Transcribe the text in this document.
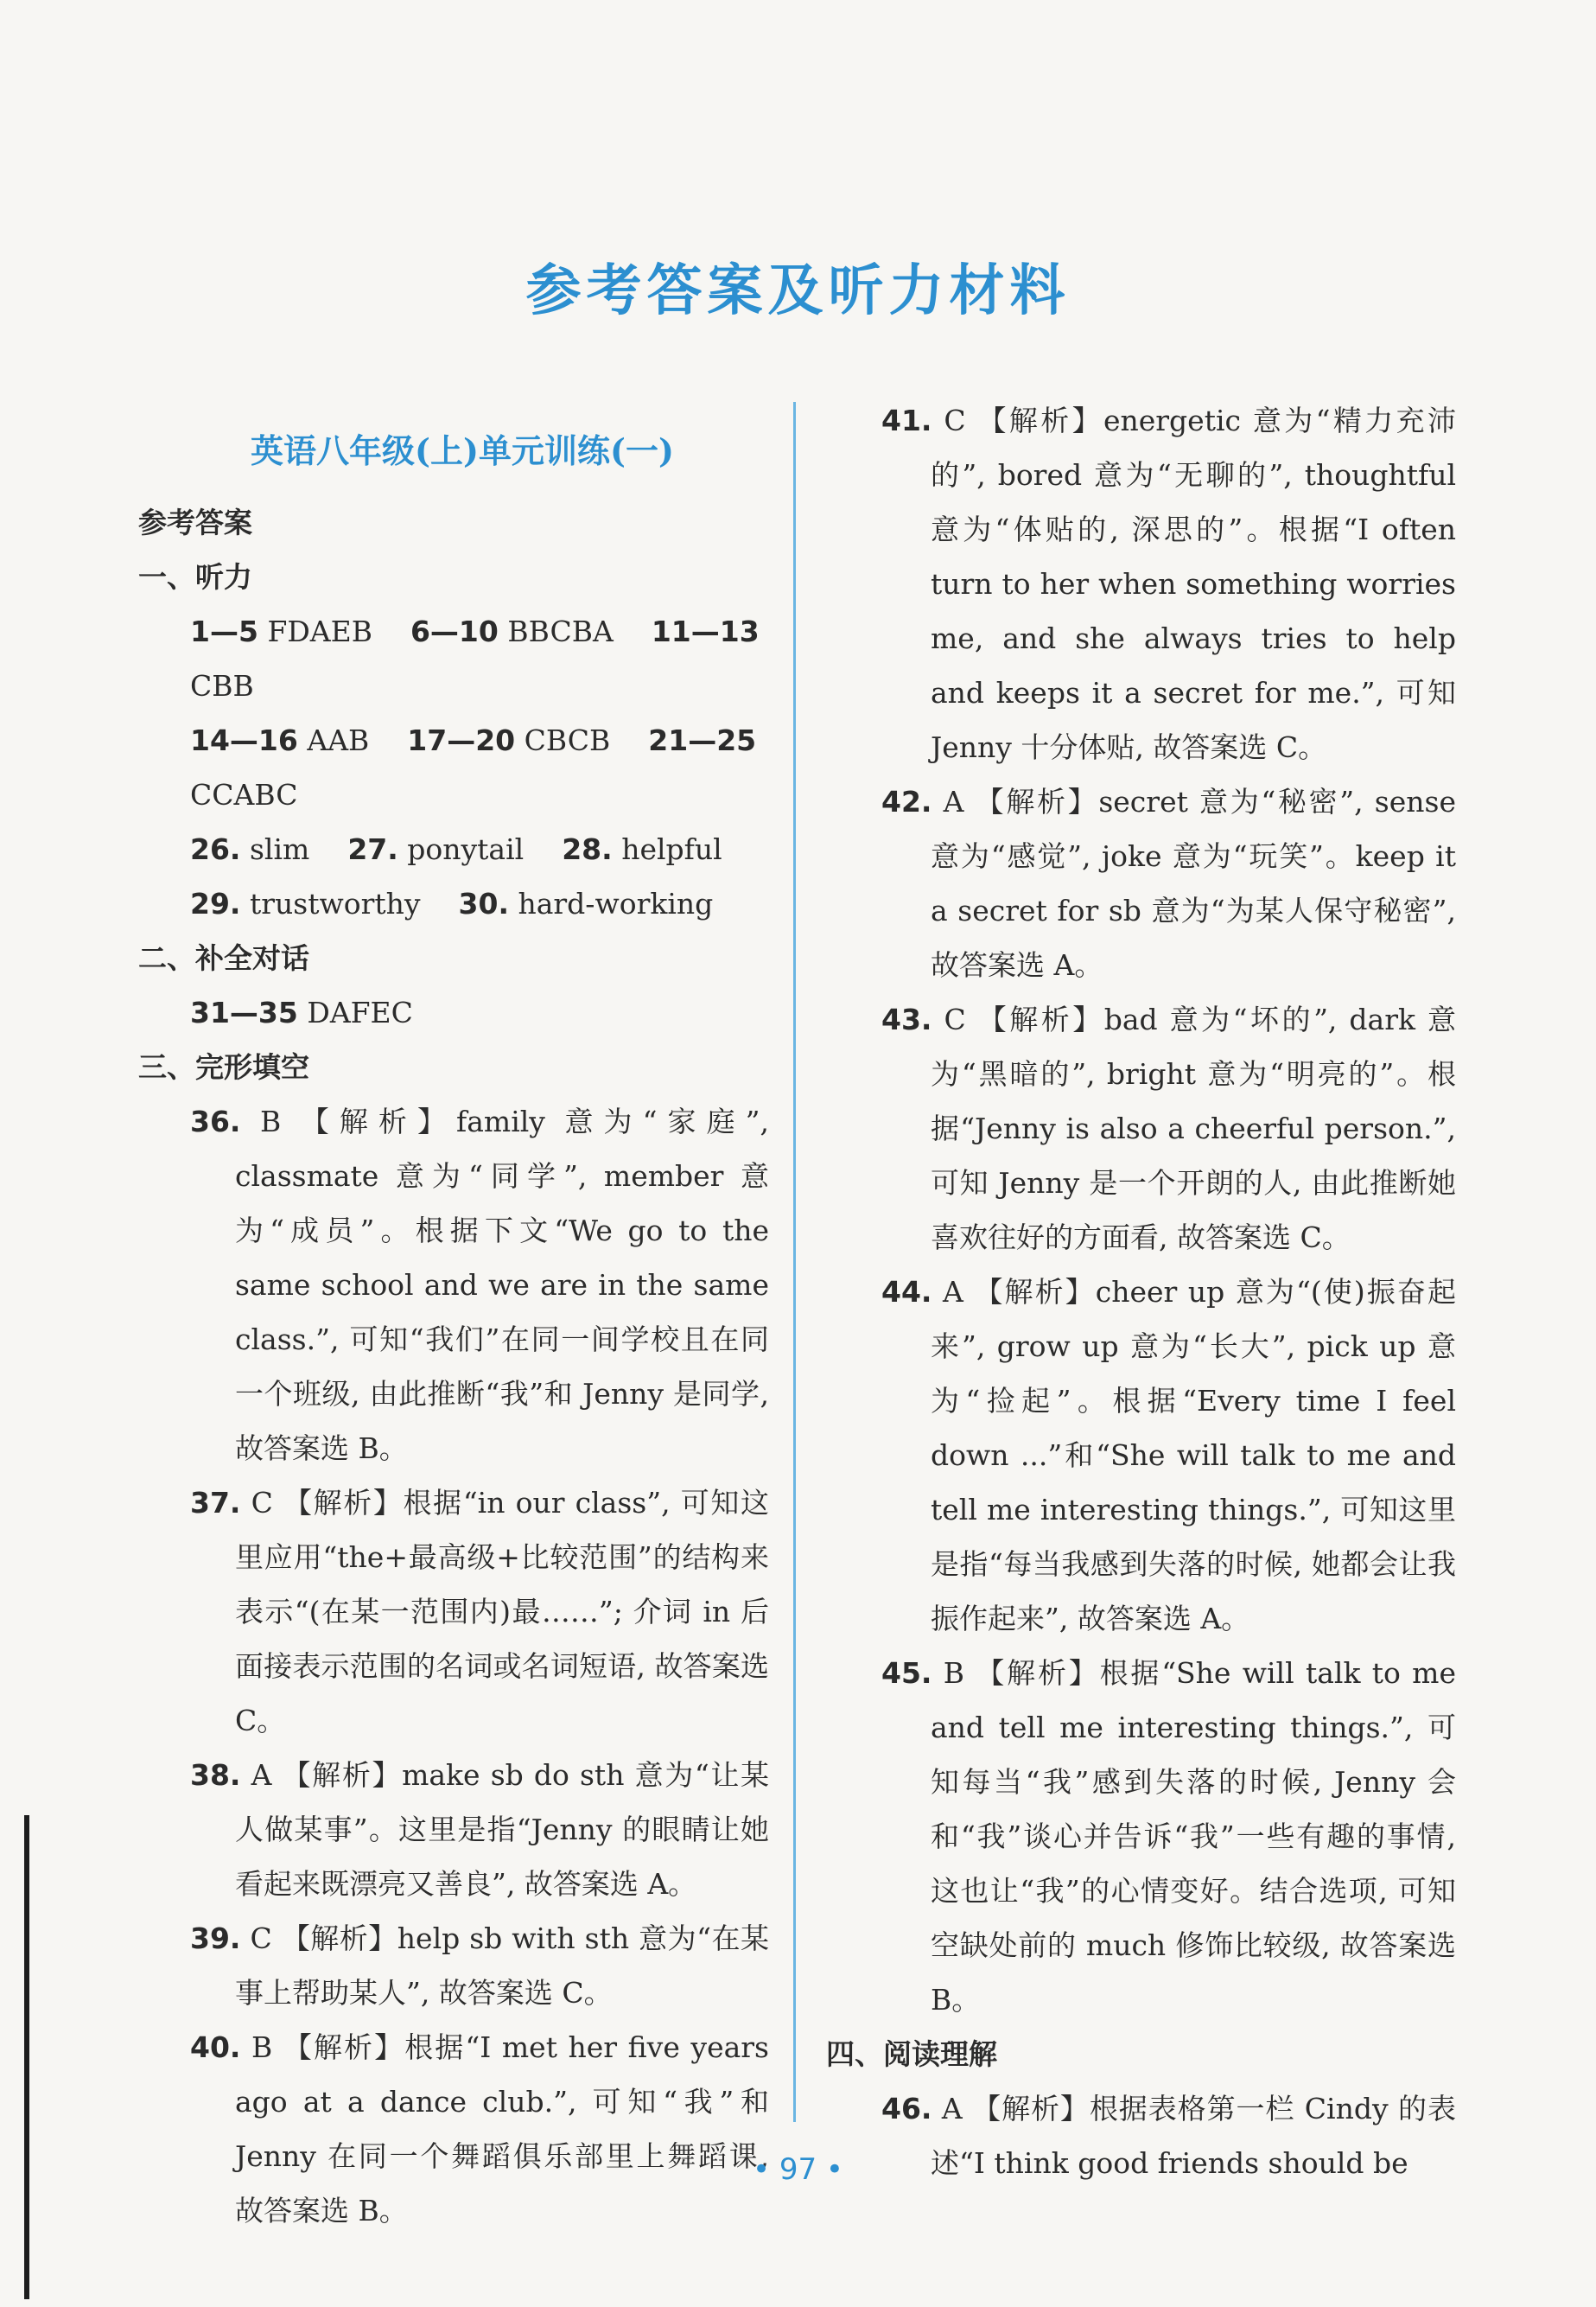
参考答案及听力材料

英语八年级(上)单元训练(一)

参考答案

一、听力

1—5 FDAEB 6—10 BBCBA 11—13 CBB

14—16 AAB 17—20 CBCB 21—25 CCABC

26. slim 27. ponytail 28. helpful

29. trustworthy 30. hard-working

二、补全对话

31—35 DAFEC

三、完形填空

36. B 【解析】family 意为“家庭”, classmate 意为“同学”, member 意为“成员”。根据下文“We go to the same school and we are in the same class.”, 可知“我们”在同一间学校且在同一个班级, 由此推断“我”和 Jenny 是同学, 故答案选 B。

37. C 【解析】根据“in our class”, 可知这里应用“the+最高级+比较范围”的结构来表示“(在某一范围内)最……”; 介词 in 后面接表示范围的名词或名词短语, 故答案选 C。

38. A 【解析】make sb do sth 意为“让某人做某事”。这里是指“Jenny 的眼睛让她看起来既漂亮又善良”, 故答案选 A。

39. C 【解析】help sb with sth 意为“在某事上帮助某人”, 故答案选 C。

40. B 【解析】根据“I met her five years ago at a dance club.”, 可知“我”和 Jenny 在同一个舞蹈俱乐部里上舞蹈课, 故答案选 B。

41. C 【解析】energetic 意为“精力充沛的”, bored 意为“无聊的”, thoughtful 意为“体贴的, 深思的”。根据“I often turn to her when something worries me, and she always tries to help and keeps it a secret for me.”, 可知 Jenny 十分体贴, 故答案选 C。

42. A 【解析】secret 意为“秘密”, sense 意为“感觉”, joke 意为“玩笑”。keep it a secret for sb 意为“为某人保守秘密”, 故答案选 A。

43. C 【解析】bad 意为“坏的”, dark 意为“黑暗的”, bright 意为“明亮的”。根据“Jenny is also a cheerful person.”, 可知 Jenny 是一个开朗的人, 由此推断她喜欢往好的方面看, 故答案选 C。

44. A 【解析】cheer up 意为“(使)振奋起来”, grow up 意为“长大”, pick up 意为“捡起”。根据“Every time I feel down ...”和“She will talk to me and tell me interesting things.”, 可知这里是指“每当我感到失落的时候, 她都会让我振作起来”, 故答案选 A。

45. B 【解析】根据“She will talk to me and tell me interesting things.”, 可知每当“我”感到失落的时候, Jenny 会和“我”谈心并告诉“我”一些有趣的事情, 这也让“我”的心情变好。结合选项, 可知空缺处前的 much 修饰比较级, 故答案选 B。

四、阅读理解

46. A 【解析】根据表格第一栏 Cindy 的表述“I think good friends should be

• 97 •
